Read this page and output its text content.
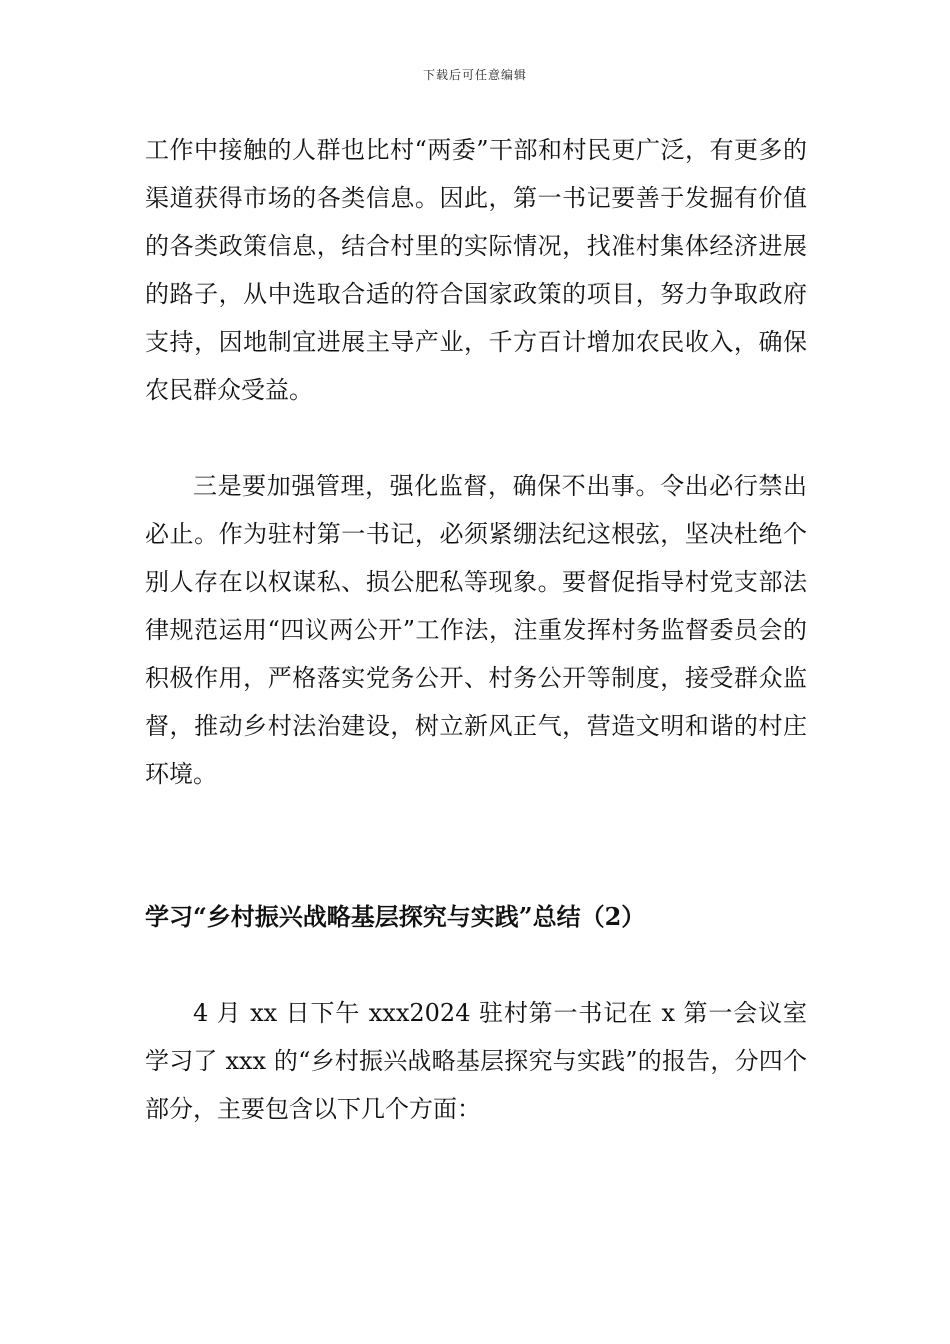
下载后可任意编辑

工作中接触的人群也比村“两委”干部和村民更广泛，有更多的渠道获得市场的各类信息。因此，第一书记要善于发掘有价值的各类政策信息，结合村里的实际情况，找准村集体经济进展的路子，从中选取合适的符合国家政策的项目，努力争取政府支持，因地制宜进展主导产业，千方百计增加农民收入，确保农民群众受益。

三是要加强管理，强化监督，确保不出事。令出必行禁出必止。作为驻村第一书记，必须紧绷法纪这根弦，坚决杜绝个别人存在以权谋私、损公肥私等现象。要督促指导村党支部法律规范运用“四议两公开”工作法，注重发挥村务监督委员会的积极作用，严格落实党务公开、村务公开等制度，接受群众监督，推动乡村法治建设，树立新风正气，营造文明和谐的村庄环境。

学习“乡村振兴战略基层探究与实践”总结（2）

4 月 xx 日下午 xxx2024 驻村第一书记在 x 第一会议室学习了 xxx 的“乡村振兴战略基层探究与实践”的报告，分四个部分，主要包含以下几个方面：
